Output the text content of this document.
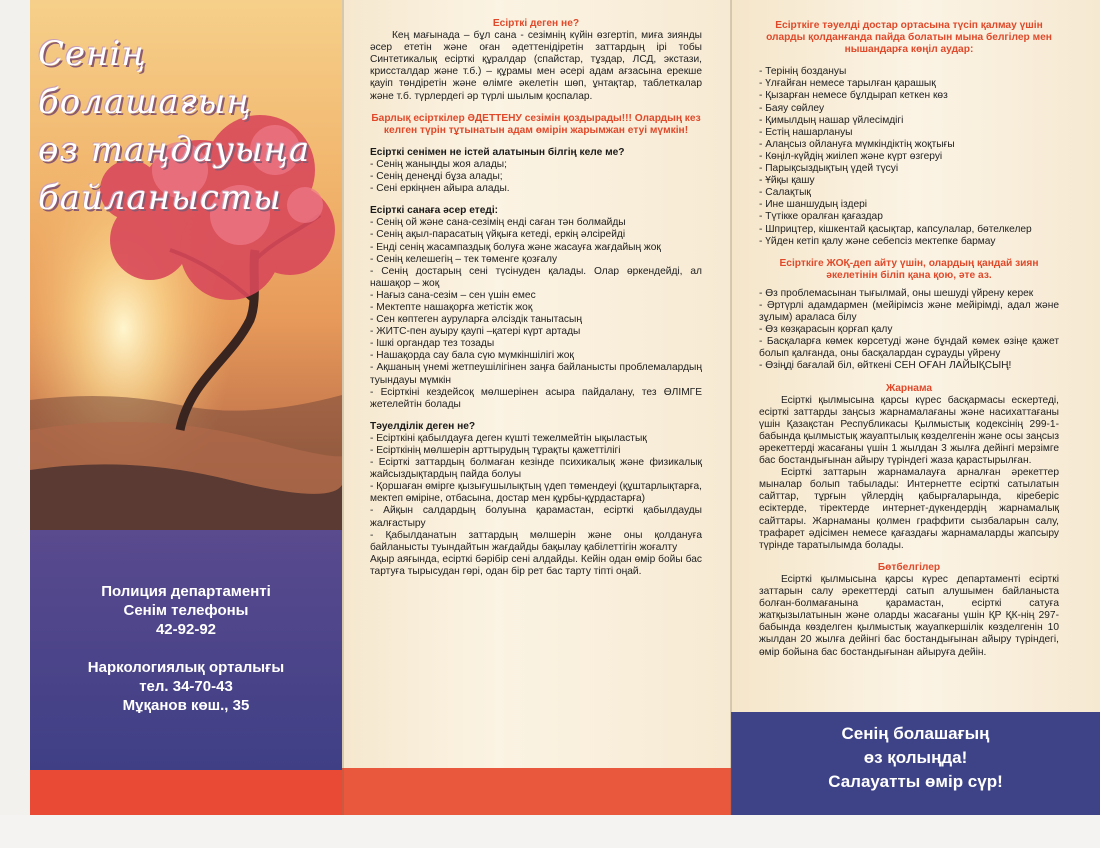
Сенің болашағың
өз таңдауыңа
байланысты
Полиция департаменті
Сенім телефоны
42-92-92
Наркологиялық орталығы
тел. 34-70-43
Мұқанов көш., 35

Есірткі деген не?

Кең мағынада – бұл сана - сезімнің күйін өзгертіп, миға зиянды әсер ететін және оған әдеттенідіретін заттардың ірі тобы Синтетикалық есірткі құралдар (спайстар, тұздар, ЛСД, экстази, криссталдар және т.б.) – құрамы мен әсері адам ағзасына ерекше қауіп төндіретін және өлімге әкелетін шөп, ұнтақтар, таблеткалар және т.б. түрлердегі әр түрлі шылым қоспалар.

Барлық есірткілер ӘДЕТТЕНУ сезімін қоздырады!!! Олардың кез келген түрін тұтынатын адам өмірін жарымжан етуі мүмкін!

Есірткі сенімен не істей алатынын білгің келе ме?

- Сенің жаныңды жоя алады;

- Сенің денеңді бұза алады;

- Сені еркіңнен айыра алады.

Есірткі санаға әсер етеді:

- Сенің ой және сана-сезімің енді саған тән болмайды

- Сенің ақыл-парасатың үйқыға кетеді, еркің әлсірейді

- Енді сенің жасампаздық болуға және жасауға жағдайың жоқ

- Сенің келешегің – тек төменге қозғалу

- Сенің достарың сені түсінуден қалады. Олар өркендейді, ал нашақор – жоқ

- Нағыз сана-сезім – сен үшін емес

- Мектепте нашақорға жетістік жоқ

- Сен көптеген ауруларға әлсіздік танытасың

- ЖИТС-пен ауыру қаупі –қатері күрт артады

- Ішкі органдар тез тозады

- Нашақорда сау бала сүю мүмкіншілігі жоқ

- Ақшаның үнемі жетпеушілігінен заңға байланысты проблемалардың туындауы мүмкін

- Есірткіні кездейсоқ мөлшерінен асыра пайдалану, тез ӨЛІМГЕ жетелейтін болады

Тәуелділік деген не?

- Есірткіні қабылдауға деген күшті тежелмейтін ықыластық

- Есірткінің мөлшерін арттырудың тұрақты қажеттілігі

- Есірткі заттардың болмаған кезінде психикалық және физикалық жайсыздықтардың пайда болуы

- Қоршаған өмірге қызығушылықтың үдеп төмендеуі (құштарлықтарға, мектеп өміріне, отбасына, достар мен құрбы-құрдастарға)

- Айқын салдардың болуына қарамастан, есірткі қабылдауды жалғастыру

- Қабылданатын заттардың мөлшерін және оны қолдануға байланысты туындайтын жағдайды бақылау қабілеттігін жоғалту

Ақыр аяғында, есірткі бәрібір сені алдайды. Кейін одан өмір бойы бас тартуға тырысудан гөрі, одан бір рет бас тарту тіпті оңай.

Есірткіге тәуелді достар ортасына түсіп қалмау үшін оларды қолданғанда пайда болатын мына белгілер мен нышандарға көңіл аудар:

- Терінің боздануы

- Үлғайған немесе тарылған қарашық

- Қызарған немесе бұлдырап кеткен көз

- Баяу сөйлеу

- Қимылдың нашар үйлесімдігі

- Естің нашарлануы

- Алаңсыз ойлануға мүмкіндіктің жоқтығы

- Көңіл-күйдің жиілеп және күрт өзгеруі

- Парықсыздықтың үдей түсуі

- Ұйқы қашу

- Салақтық

- Ине шаншудың іздері

- Түтікке оралған қағаздар

- Шприцтер, кішкентай қасықтар, капсулалар, бөтелкелер

- Үйден кетіп қалу және себепсіз мектепке бармау

Есірткіге ЖОҚ-деп айту үшін, олардың қандай зиян әкелетінін біліп қана қою, әте аз.

- Өз проблемасынан тығылмай, оны шешуді үйрену керек

- Әртүрлі адамдармен (мейірімсіз және мейірімді, адал және зұлым) араласа білу

- Өз көзқарасын қорғап қалу

- Басқаларға көмек көрсетуді және бұндай көмек өзіңе қажет болып қалғанда, оны басқалардан сұрауды үйрену

- Өзіңді бағалай біл, өйткені СЕН ОҒАН ЛАЙЫҚСЫҢ!

Жарнама

Есірткі қылмысына қарсы күрес басқармасы ескертеді, есірткі заттарды заңсыз жарнамалағаны және насихаттағаны үшін Қазақстан Республикасы Қылмыстық кодексінің 299-1-бабында қылмыстық жауаптылық көзделгенін және осы заңсыз әрекеттерді жасағаны үшін 1 жылдан 3 жылға дейінгі мерзімге бас бостандығынан айыру түріндегі жаза қарастырылған.

Есірткі заттарын жарнамалауға арналған әрекеттер мыналар болып табылады: Интернетте есірткі сатылатын сайттар, тұрғын үйлердің қабырғаларында, кіреберіс есіктерде, тіректерде интернет-дүкендердің жарнамалық сайттары. Жарнаманы қолмен граффити сызбаларын салу, трафарет әдісімен немесе қағаздағы жарнамаларды жапсыру түрінде таратылымда болады.

Бөтбелгілер

Есірткі қылмысына қарсы күрес департаменті есірткі заттарын салу әрекеттерді сатып алушымен байланыста болған-болмағанына қарамастан, есірткі сатуға жатқызылатынын және оларды жасағаны үшін ҚР ҚК-нің 297-бабында көзделген қылмыстық жауапкершілік көзделгенін 10 жылдан 20 жылға дейінгі бас бостандығынан айыру түріндегі, өмір бойына бас бостандығынан айыруға дейін.

Сенің болашағың
өз қолыңда!
Салауатты өмір сүр!
